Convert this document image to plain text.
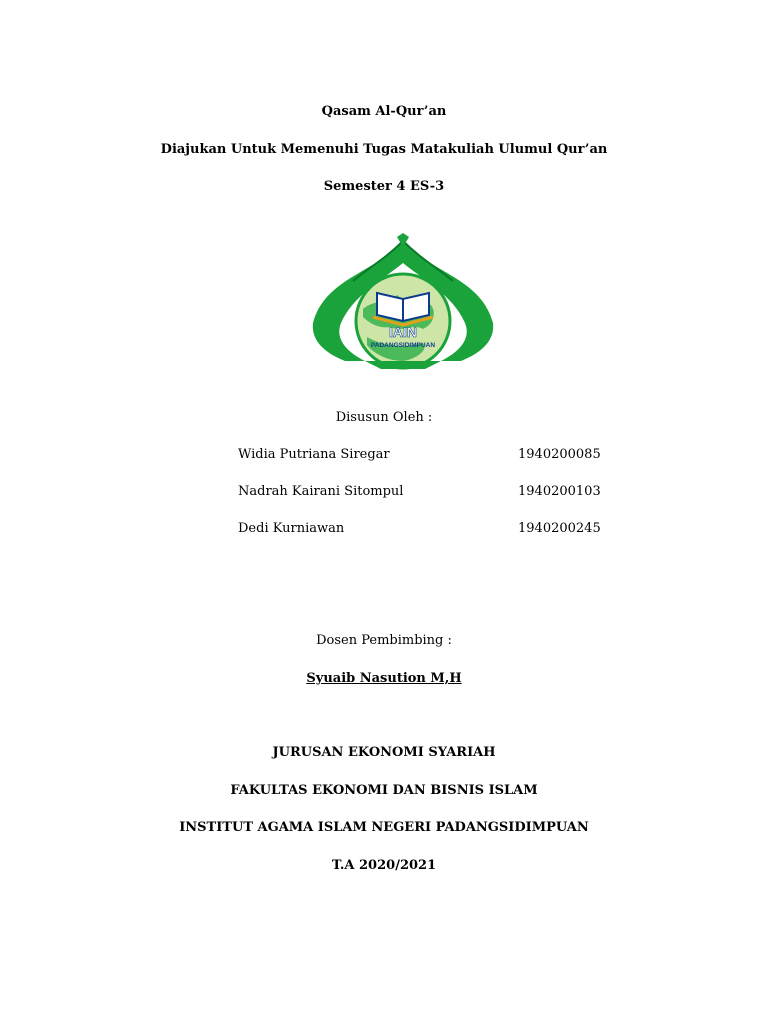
Qasam Al-Qur’an
Diajukan Untuk Memenuhi Tugas Matakuliah Ulumul Qur’an
Semester 4 ES-3
IAIN
PADANGSIDIMPUAN
Disusun Oleh :
Widia Putriana Siregar	1940200085
Nadrah Kairani Sitompul	1940200103
Dedi Kurniawan	1940200245
Dosen Pembimbing :
Syuaib Nasution M,H
JURUSAN EKONOMI SYARIAH
FAKULTAS EKONOMI DAN BISNIS ISLAM
INSTITUT AGAMA ISLAM NEGERI PADANGSIDIMPUAN
T.A 2020/2021
